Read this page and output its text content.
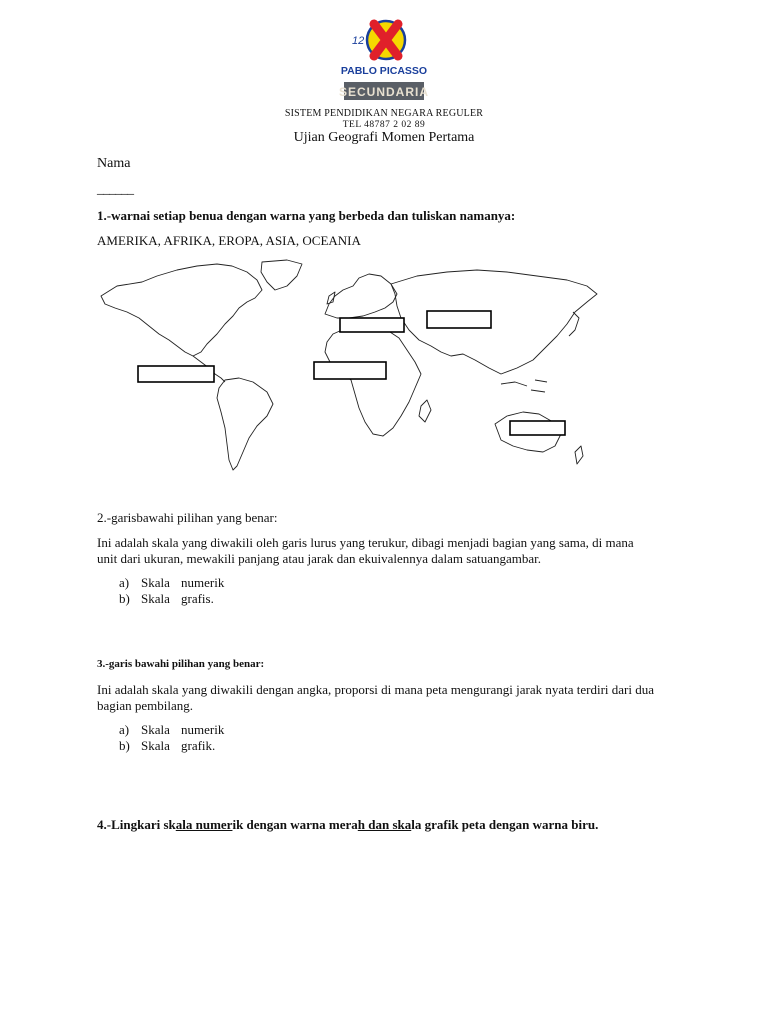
12
PABLO PICASSO
SECUNDARIA
SISTEM PENDIDIKAN NEGARA REGULER
TEL 48787 2 02 89
Ujian Geografi Momen Pertama
Nama
______
1.-warnai setiap benua dengan warna yang berbeda dan tuliskan namanya:
AMERIKA, AFRIKA, EROPA, ASIA, OCEANIA
2.-garisbawahi pilihan yang benar:
Ini adalah skala yang diwakili oleh garis lurus yang terukur, dibagi menjadi bagian yang sama, di mana unit dari ukuran, mewakili panjang atau jarak dan ekuivalennya dalam satuangambar.
a) Skala numerik
b) Skala grafis.
3.-garis bawahi pilihan yang benar:
Ini adalah skala yang diwakili dengan angka, proporsi di mana peta mengurangi jarak nyata terdiri dari dua bagian pembilang.
a) Skala numerik
b) Skala grafik.
4.-Lingkari skala numerik dengan warna merah dan skala grafik peta dengan warna biru.
